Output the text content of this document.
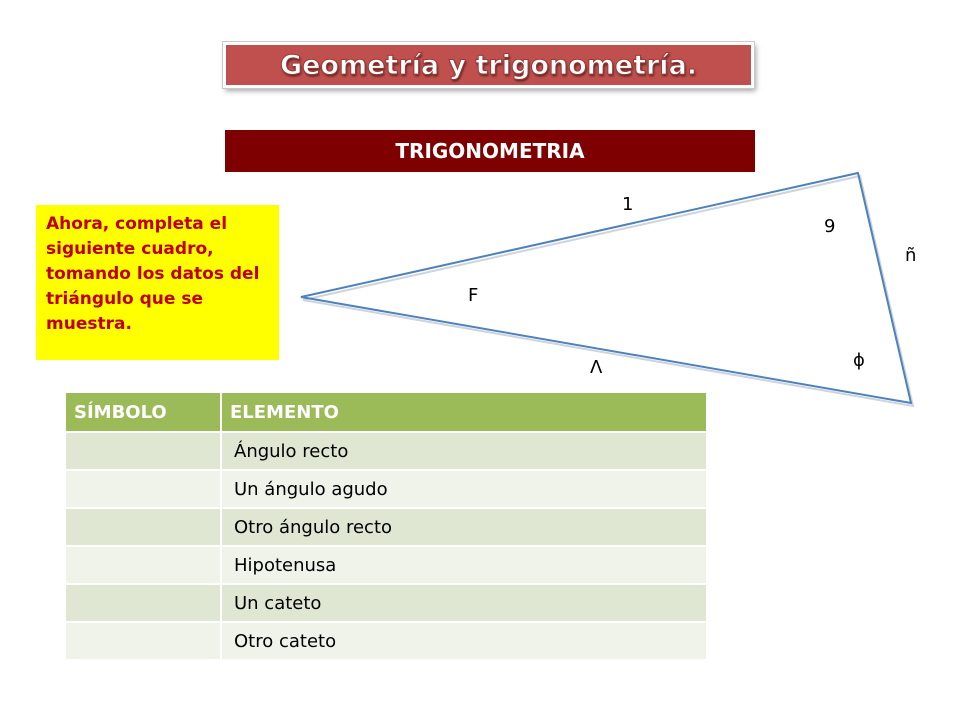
Geometría y trigonometría.
TRIGONOMETRIA
Ahora, completa el siguiente cuadro, tomando los datos del triángulo que se muestra.
1
9
ñ
F
Λ	ϕ
SÍMBOLO	ELEMENTO
	Ángulo recto
	Un ángulo agudo
	Otro ángulo recto
	Hipotenusa
	Un cateto
	Otro cateto
